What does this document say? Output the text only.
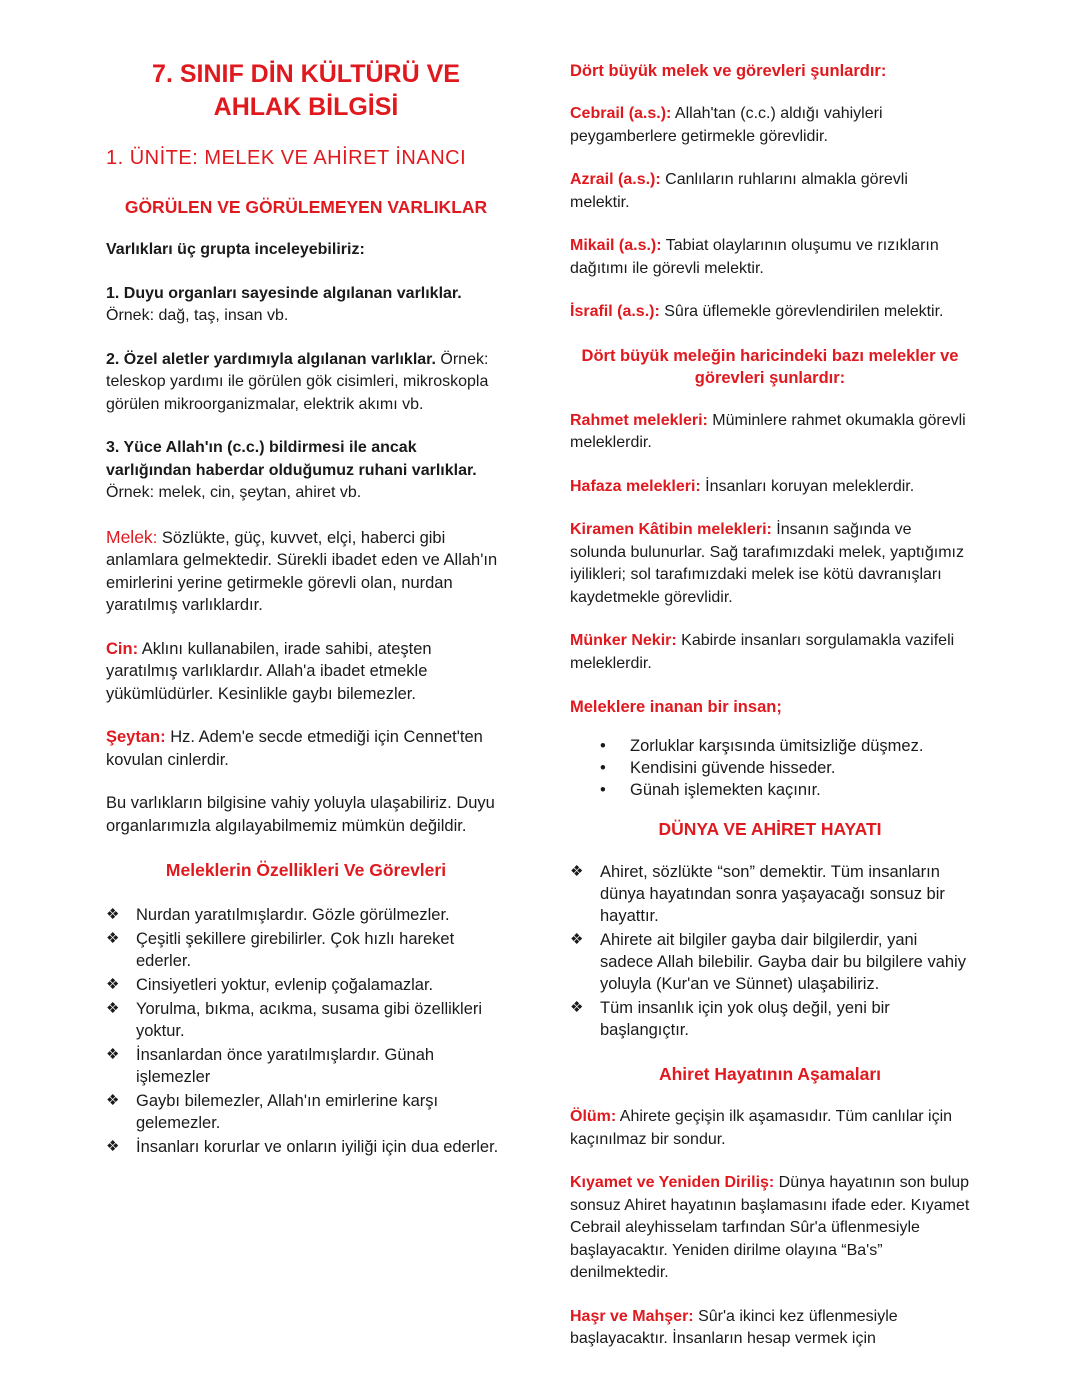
7. SINIF DİN KÜLTÜRÜ VE AHLAK BİLGİSİ
1. ÜNİTE: MELEK VE AHİRET İNANCI
GÖRÜLEN VE GÖRÜLEMEYEN VARLIKLAR

Varlıkları üç grupta inceleyebiliriz:

1. Duyu organları sayesinde algılanan varlıklar. Örnek: dağ, taş, insan vb.

2. Özel aletler yardımıyla algılanan varlıklar. Örnek: teleskop yardımı ile görülen gök cisimleri, mikroskopla görülen mikroorganizmalar, elektrik akımı vb.

3. Yüce Allah'ın (c.c.) bildirmesi ile ancak varlığından haberdar olduğumuz ruhani varlıklar. Örnek: melek, cin, şeytan, ahiret vb.

Melek: Sözlükte, güç, kuvvet, elçi, haberci gibi anlamlara gelmektedir. Sürekli ibadet eden ve Allah'ın emirlerini yerine getirmekle görevli olan, nurdan yaratılmış varlıklardır.

Cin: Aklını kullanabilen, irade sahibi, ateşten yaratılmış varlıklardır. Allah'a ibadet etmekle yükümlüdürler. Kesinlikle gaybı bilemezler.

Şeytan: Hz. Adem'e secde etmediği için Cennet'ten kovulan cinlerdir.

Bu varlıkların bilgisine vahiy yoluyla ulaşabiliriz. Duyu organlarımızla algılayabilmemiz mümkün değildir.

Meleklerin Özellikleri Ve Görevleri
❖ Nurdan yaratılmışlardır. Gözle görülmezler.
❖ Çeşitli şekillere girebilirler. Çok hızlı hareket ederler.
❖ Cinsiyetleri yoktur, evlenip çoğalamazlar.
❖ Yorulma, bıkma, acıkma, susama gibi özellikleri yoktur.
❖ İnsanlardan önce yaratılmışlardır. Günah işlemezler
❖ Gaybı bilemezler, Allah'ın emirlerine karşı gelemezler.
❖ İnsanları korurlar ve onların iyiliği için dua ederler.
Dört büyük melek ve görevleri şunlardır:

Cebrail (a.s.): Allah'tan (c.c.) aldığı vahiyleri peygamberlere getirmekle görevlidir.

Azrail (a.s.): Canlıların ruhlarını almakla görevli melektir.

Mikail (a.s.): Tabiat olaylarının oluşumu ve rızıkların dağıtımı ile görevli melektir.

İsrafil (a.s.): Sûra üflemekle görevlendirilen melektir.

Dört büyük meleğin haricindeki bazı melekler ve görevleri şunlardır:

Rahmet melekleri: Müminlere rahmet okumakla görevli meleklerdir.

Hafaza melekleri: İnsanları koruyan meleklerdir.

Kiramen Kâtibin melekleri: İnsanın sağında ve solunda bulunurlar. Sağ tarafımızdaki melek, yaptığımız iyilikleri; sol tarafımızdaki melek ise kötü davranışları kaydetmekle görevlidir.

Münker Nekir: Kabirde insanları sorgulamakla vazifeli meleklerdir.

Meleklere inanan bir insan;
• Zorluklar karşısında ümitsizliğe düşmez.
• Kendisini güvende hisseder.
• Günah işlemekten kaçınır.
DÜNYA VE AHİRET HAYATI
❖ Ahiret, sözlükte “son” demektir. Tüm insanların dünya hayatından sonra yaşayacağı sonsuz bir hayattır.
❖ Ahirete ait bilgiler gayba dair bilgilerdir, yani sadece Allah bilebilir. Gayba dair bu bilgilere vahiy yoluyla (Kur'an ve Sünnet) ulaşabiliriz.
❖ Tüm insanlık için yok oluş değil, yeni bir başlangıçtır.
Ahiret Hayatının Aşamaları

Ölüm: Ahirete geçişin ilk aşamasıdır. Tüm canlılar için kaçınılmaz bir sondur.

Kıyamet ve Yeniden Diriliş: Dünya hayatının son bulup sonsuz Ahiret hayatının başlamasını ifade eder. Kıyamet Cebrail aleyhisselam tarfından Sûr'a üflenmesiyle başlayacaktır. Yeniden dirilme olayına “Ba's” denilmektedir.

Haşr ve Mahşer: Sûr'a ikinci kez üflenmesiyle başlayacaktır. İnsanların hesap vermek için
